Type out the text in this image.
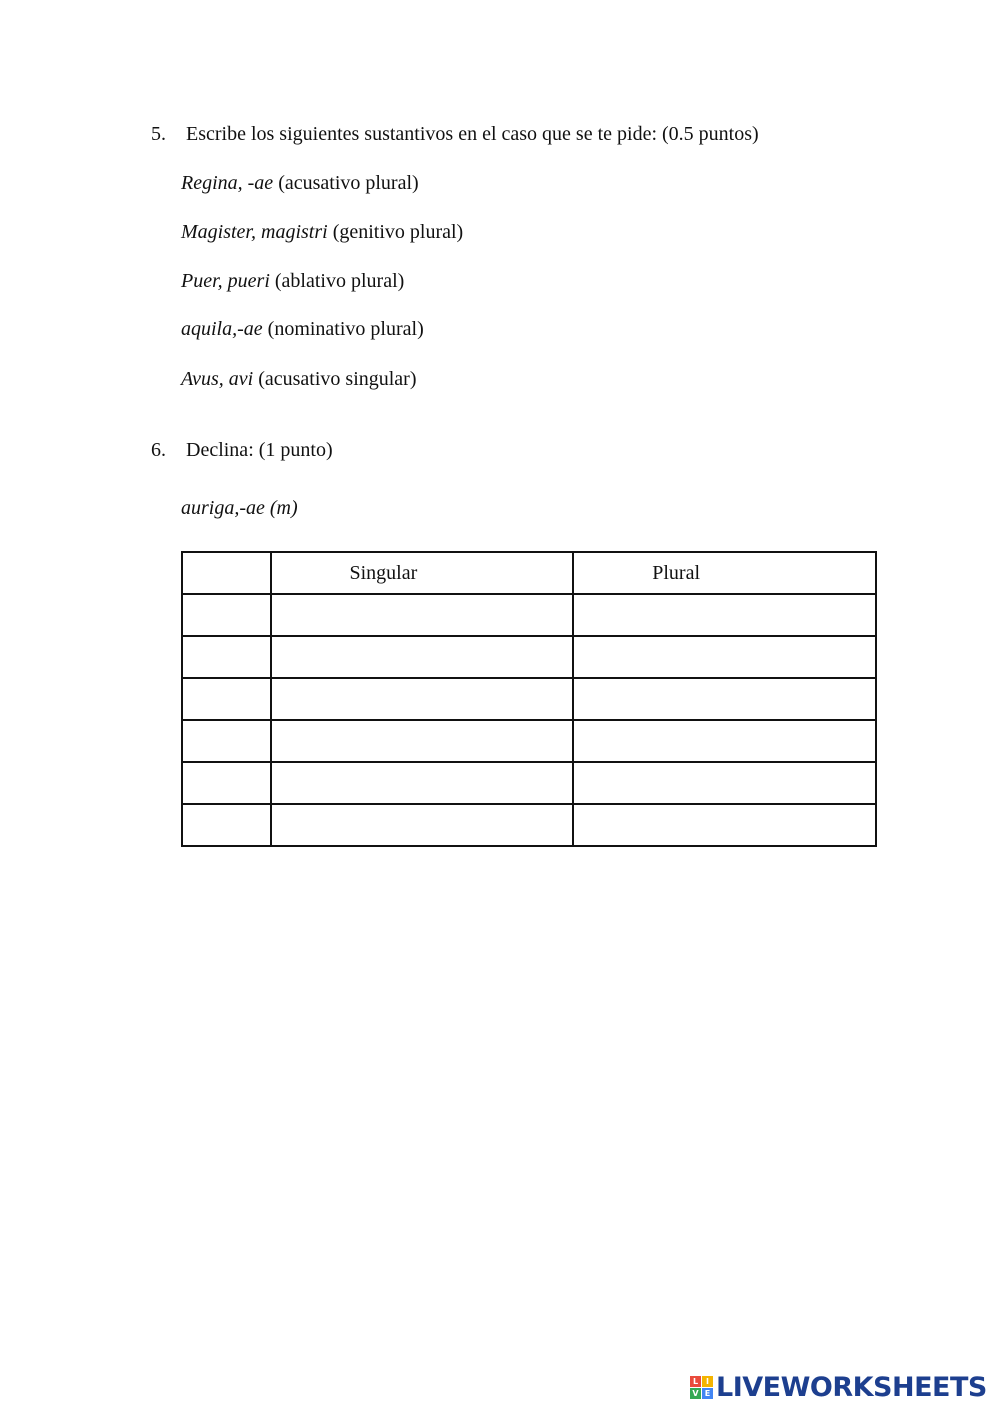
5. Escribe los siguientes sustantivos en el caso que se te pide: (0.5 puntos)
Regina, -ae (acusativo plural)
Magister, magistri (genitivo plural)
Puer, pueri (ablativo plural)
aquila,-ae (nominativo plural)
Avus, avi (acusativo singular)
6. Declina: (1 punto)
auriga,-ae (m)
	Singular	Plural

L I
V E LIVEWORKSHEETS
